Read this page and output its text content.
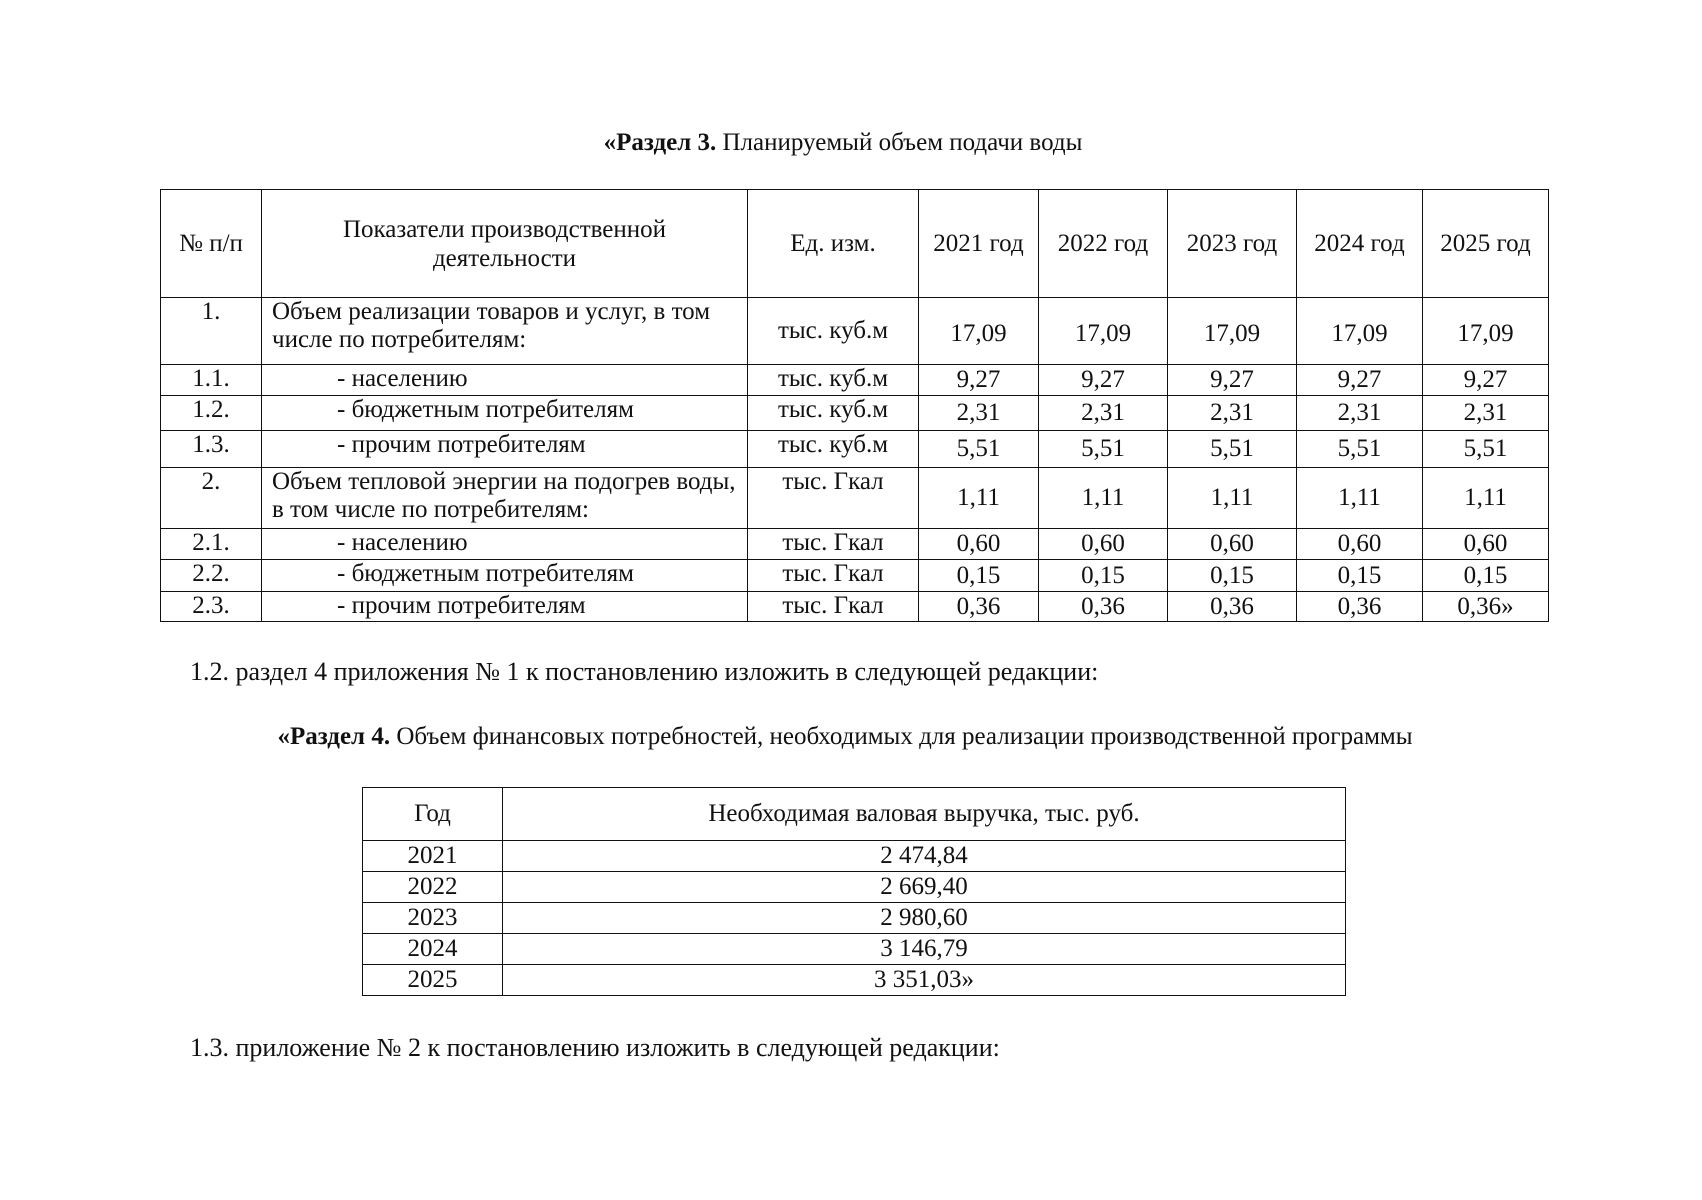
«Раздел 3. Планируемый объем подачи воды
№ п/п	Показатели производственной деятельности	Ед. изм.	2021 год	2022 год	2023 год	2024 год	2025 год
1.	Объем реализации товаров и услуг, в том числе по потребителям:	тыс. куб.м	17,09	17,09	17,09	17,09	17,09
1.1.	- населению	тыс. куб.м	9,27	9,27	9,27	9,27	9,27
1.2.	- бюджетным потребителям	тыс. куб.м	2,31	2,31	2,31	2,31	2,31
1.3.	- прочим потребителям	тыс. куб.м	5,51	5,51	5,51	5,51	5,51
2.	Объем тепловой энергии на подогрев воды, в том числе по потребителям:	тыс. Гкал	1,11	1,11	1,11	1,11	1,11
2.1.	- населению	тыс. Гкал	0,60	0,60	0,60	0,60	0,60
2.2.	- бюджетным потребителям	тыс. Гкал	0,15	0,15	0,15	0,15	0,15
2.3.	- прочим потребителям	тыс. Гкал	0,36	0,36	0,36	0,36	0,36»
1.2. раздел 4 приложения № 1 к постановлению изложить в следующей редакции:
«Раздел 4. Объем финансовых потребностей, необходимых для реализации производственной программы
Год	Необходимая валовая выручка, тыс. руб.
2021	2 474,84
2022	2 669,40
2023	2 980,60
2024	3 146,79
2025	3 351,03»
1.3. приложение № 2 к постановлению изложить в следующей редакции:
